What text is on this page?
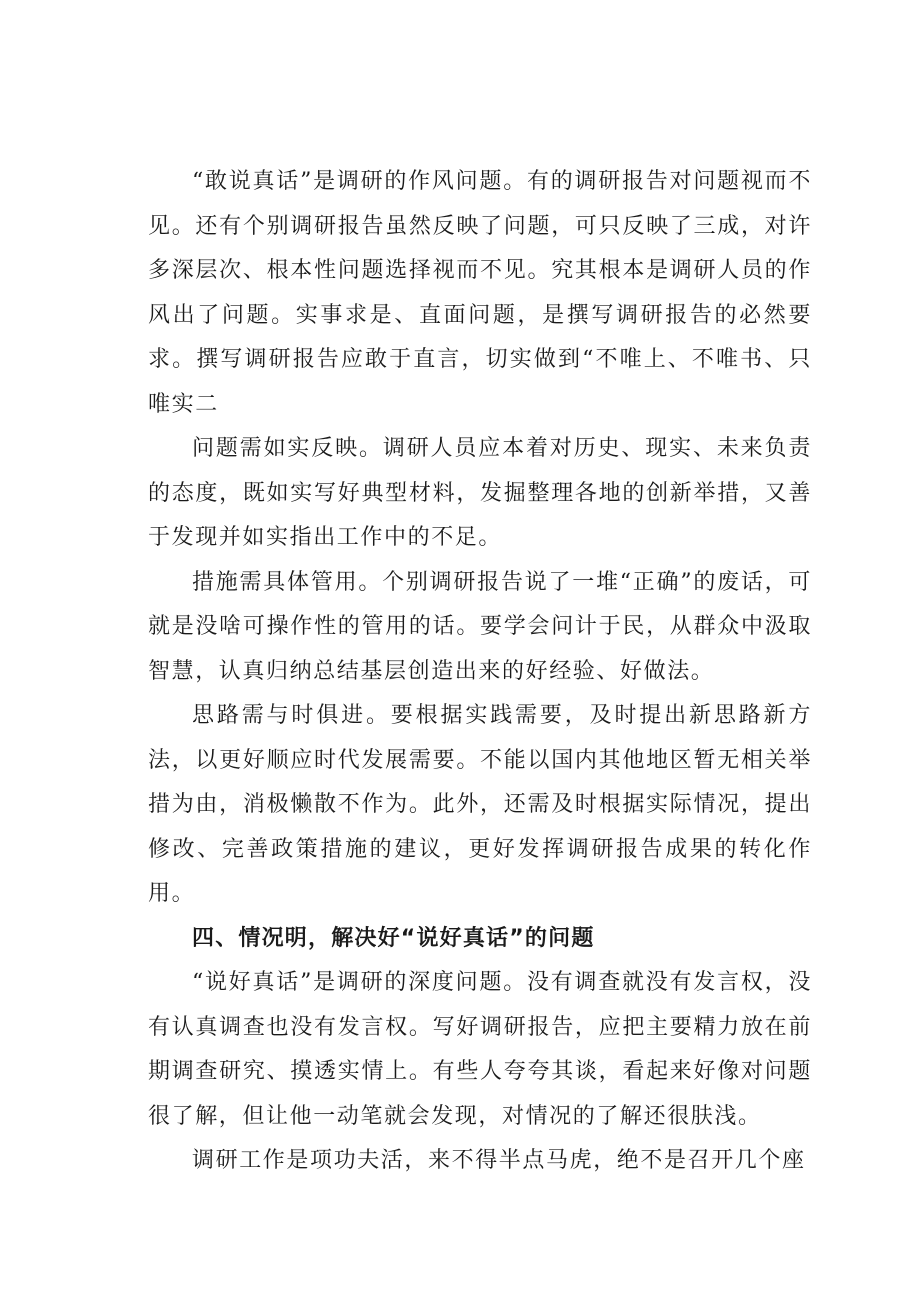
“敢说真话”是调研的作风问题。有的调研报告对问题视而不见。还有个别调研报告虽然反映了问题，可只反映了三成，对许多深层次、根本性问题选择视而不见。究其根本是调研人员的作风出了问题。实事求是、直面问题，是撰写调研报告的必然要求。撰写调研报告应敢于直言，切实做到“不唯上、不唯书、只唯实二

问题需如实反映。调研人员应本着对历史、现实、未来负责的态度，既如实写好典型材料，发掘整理各地的创新举措，又善于发现并如实指出工作中的不足。

措施需具体管用。个别调研报告说了一堆“正确”的废话，可就是没啥可操作性的管用的话。要学会问计于民，从群众中汲取智慧，认真归纳总结基层创造出来的好经验、好做法。

思路需与时俱进。要根据实践需要，及时提出新思路新方法，以更好顺应时代发展需要。不能以国内其他地区暂无相关举措为由，消极懒散不作为。此外，还需及时根据实际情况，提出修改、完善政策措施的建议，更好发挥调研报告成果的转化作用。

四、情况明，解决好“说好真话”的问题

“说好真话”是调研的深度问题。没有调查就没有发言权，没有认真调查也没有发言权。写好调研报告，应把主要精力放在前期调查研究、摸透实情上。有些人夸夸其谈，看起来好像对问题很了解，但让他一动笔就会发现，对情况的了解还很肤浅。

调研工作是项功夫活，来不得半点马虎，绝不是召开几个座
